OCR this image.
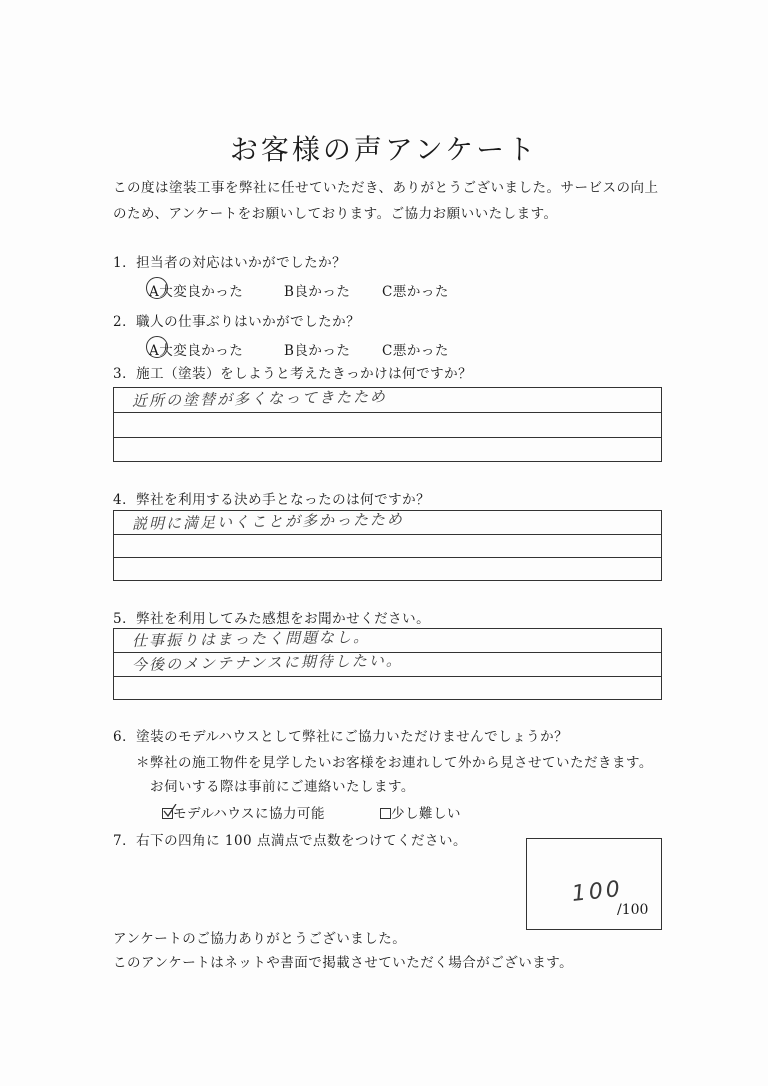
お客様の声アンケート
この度は塗装工事を弊社に任せていただき、ありがとうございました。サービスの向上
のため、アンケートをお願いしております。ご協力お願いいたします。
1．担当者の対応はいかがでしたか？
A大変良かった	B良かった C悪かった
2．職人の仕事ぶりはいかがでしたか？
A大変良かった	B良かった C悪かった
3．施工（塗装）をしようと考えたきっかけは何ですか？
近所の塗替が多くなってきたため
4．弊社を利用する決め手となったのは何ですか？
説明に満足いくことが多かったため
5．弊社を利用してみた感想をお聞かせください。
仕事振りはまったく問題なし。
今後のメンテナンスに期待したい。
6．塗装のモデルハウスとして弊社にご協力いただけませんでしょうか？
＊弊社の施工物件を見学したいお客様をお連れして外から見させていただきます。
お伺いする際は事前にご連絡いたします。
モデルハウスに協力可能	少し難しい
7．右下の四角に 100 点満点で点数をつけてください。
100
/100
アンケートのご協力ありがとうございました。
このアンケートはネットや書面で掲載させていただく場合がございます。
